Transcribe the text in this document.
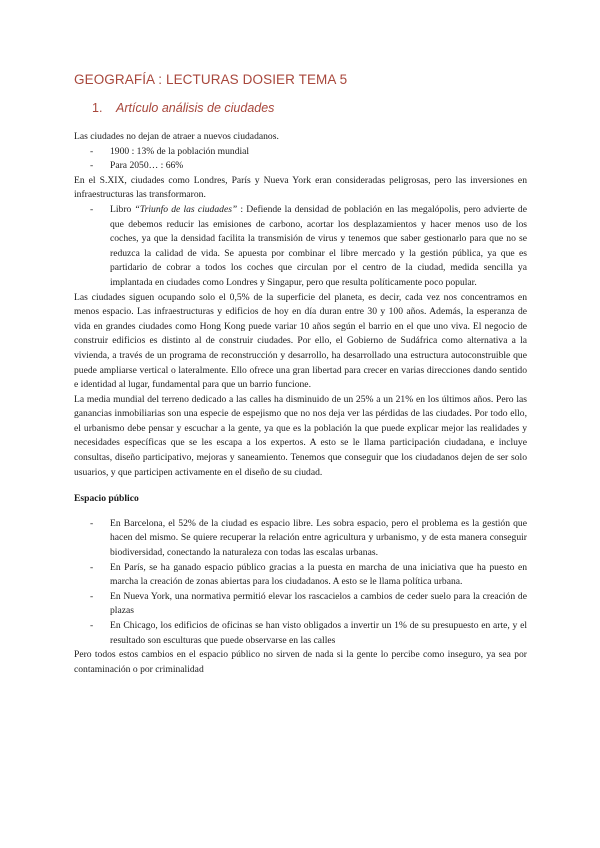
GEOGRAFÍA : LECTURAS DOSIER TEMA 5
1. Artículo análisis de ciudades

Las ciudades no dejan de atraer a nuevos ciudadanos.

- 1900 : 13% de la población mundial
- Para 2050… : 66%

En el S.XIX, ciudades como Londres, París y Nueva York eran consideradas peligrosas, pero las inversiones en infraestructuras las transformaron.

- Libro “Triunfo de las ciudades” : Defiende la densidad de población en las megalópolis, pero advierte de que debemos reducir las emisiones de carbono, acortar los desplazamientos y hacer menos uso de los coches, ya que la densidad facilita la transmisión de virus y tenemos que saber gestionarlo para que no se reduzca la calidad de vida. Se apuesta por combinar el libre mercado y la gestión pública, ya que es partidario de cobrar a todos los coches que circulan por el centro de la ciudad, medida sencilla ya implantada en ciudades como Londres y Singapur, pero que resulta políticamente poco popular.

Las ciudades siguen ocupando solo el 0,5% de la superficie del planeta, es decir, cada vez nos concentramos en menos espacio. Las infraestructuras y edificios de hoy en día duran entre 30 y 100 años. Además, la esperanza de vida en grandes ciudades como Hong Kong puede variar 10 años según el barrio en el que uno viva. El negocio de construir edificios es distinto al de construir ciudades. Por ello, el Gobierno de Sudáfrica como alternativa a la vivienda, a través de un programa de reconstrucción y desarrollo, ha desarrollado una estructura autoconstruible que puede ampliarse vertical o lateralmente. Ello ofrece una gran libertad para crecer en varias direcciones dando sentido e identidad al lugar, fundamental para que un barrio funcione.

La media mundial del terreno dedicado a las calles ha disminuido de un 25% a un 21% en los últimos años. Pero las ganancias inmobiliarias son una especie de espejismo que no nos deja ver las pérdidas de las ciudades. Por todo ello, el urbanismo debe pensar y escuchar a la gente, ya que es la población la que puede explicar mejor las realidades y necesidades específicas que se les escapa a los expertos. A esto se le llama participación ciudadana, e incluye consultas, diseño participativo, mejoras y saneamiento. Tenemos que conseguir que los ciudadanos dejen de ser solo usuarios, y que participen activamente en el diseño de su ciudad.

Espacio público

- En Barcelona, el 52% de la ciudad es espacio libre. Les sobra espacio, pero el problema es la gestión que hacen del mismo. Se quiere recuperar la relación entre agricultura y urbanismo, y de esta manera conseguir biodiversidad, conectando la naturaleza con todas las escalas urbanas.
- En París, se ha ganado espacio público gracias a la puesta en marcha de una iniciativa que ha puesto en marcha la creación de zonas abiertas para los ciudadanos. A esto se le llama política urbana.
- En Nueva York, una normativa permitió elevar los rascacielos a cambios de ceder suelo para la creación de plazas
- En Chicago, los edificios de oficinas se han visto obligados a invertir un 1% de su presupuesto en arte, y el resultado son esculturas que puede observarse en las calles

Pero todos estos cambios en el espacio público no sirven de nada si la gente lo percibe como inseguro, ya sea por contaminación o por criminalidad
